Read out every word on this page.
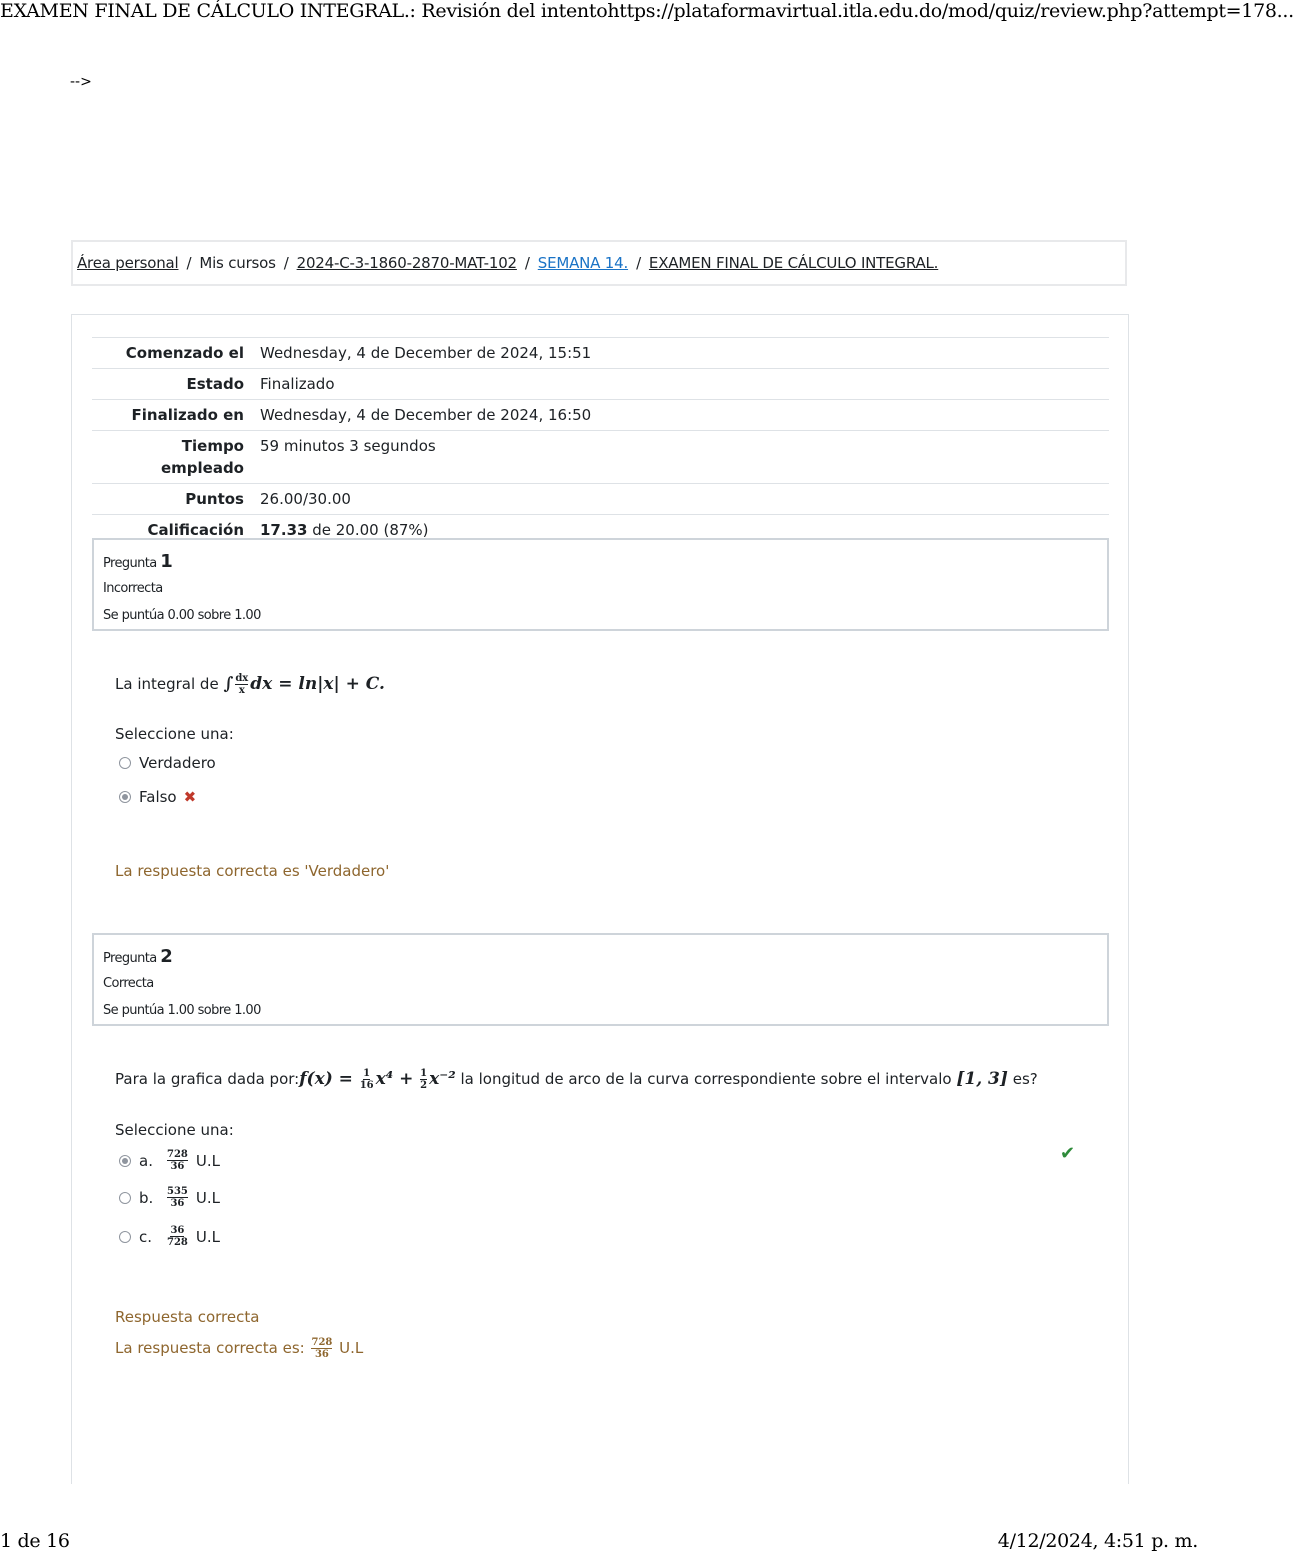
EXAMEN FINAL DE CÁLCULO INTEGRAL.: Revisión del intento https://plataformavirtual.itla.edu.do/mod/quiz/review.php?attempt=178...
-->
Área personal / Mis cursos / 2024-C-3-1860-2870-MAT-102 / SEMANA 14. / EXAMEN FINAL DE CÁLCULO INTEGRAL.
Comenzado el	Wednesday, 4 de December de 2024, 15:51
Estado	Finalizado
Finalizado en	Wednesday, 4 de December de 2024, 16:50
Tiempo
empleado	59 minutos 3 segundos
Puntos	26.00/30.00
Calificación	17.33 de 20.00 (87%)
Pregunta 1
Incorrecta
Se puntúa 0.00 sobre 1.00
La integral de ∫ $\frac{dx}{x}$ dx = ln|x| + C.
Seleccione una:
Verdadero
Falso ✖
La respuesta correcta es 'Verdadero'
Pregunta 2
Correcta
Se puntúa 1.00 sobre 1.00
Para la grafica dada por:f(x) = $\frac{1}{16} x^4 + \frac{1}{2} x^{-2}$ la longitud de arco de la curva correspondiente sobre el intervalo [1, 3] es?
Seleccione una:
a.	$\frac{728}{36} U.L$	✔
b.	$\frac{535}{36} U.L$
c.	$\frac{36}{728} U.L$
Respuesta correcta
La respuesta correcta es: $\frac{728}{36} U.L$
1 de 16	4/12/2024, 4:51 p. m.
